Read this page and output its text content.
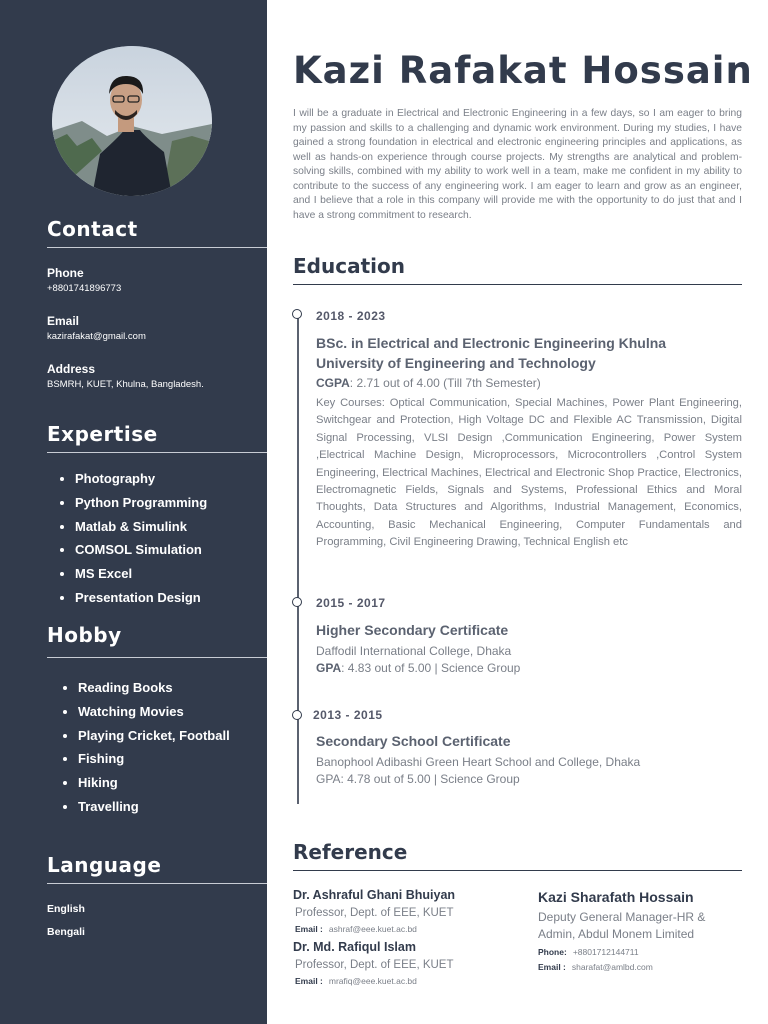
Contact
Phone
+8801741896773
Email
kazirafakat@gmail.com
Address
BSMRH, KUET, Khulna, Bangladesh.
Expertise
Photography
Python Programming
Matlab & Simulink
COMSOL Simulation
MS Excel
Presentation Design
Hobby
Reading Books
Watching Movies
Playing Cricket, Football
Fishing
Hiking
Travelling
Language
English
Bengali
Kazi Rafakat Hossain
I will be a graduate in Electrical and Electronic Engineering in a few days, so I am eager to bring my passion and skills to a challenging and dynamic work environment. During my studies, I have gained a strong foundation in electrical and electronic engineering principles and applications, as well as hands-on experience through course projects. My strengths are analytical and problem-solving skills, combined with my ability to work well in a team, make me confident in my ability to contribute to the success of any engineering work. I am eager to learn and grow as an engineer, and I believe that a role in this company will provide me with the opportunity to do just that and I have a strong commitment to research.
Education
2018 - 2023
BSc. in Electrical and Electronic Engineering Khulna
University of Engineering and Technology
CGPA: 2.71 out of 4.00 (Till 7th Semester)
Key Courses: Optical Communication, Special Machines, Power Plant Engineering, Switchgear and Protection, High Voltage DC and Flexible AC Transmission, Digital Signal Processing, VLSI Design ,Communication Engineering, Power System ,Electrical Machine Design, Microprocessors, Microcontrollers ,Control System Engineering, Electrical Machines, Electrical and Electronic Shop Practice, Electronics, Electromagnetic Fields, Signals and Systems, Professional Ethics and Moral Thoughts, Data Structures and Algorithms, Industrial Management, Economics, Accounting, Basic Mechanical Engineering, Computer Fundamentals and Programming, Civil Engineering Drawing, Technical English etc
2015 - 2017
Higher Secondary Certificate
Daffodil International College, Dhaka
GPA: 4.83 out of 5.00 | Science Group
2013 - 2015
Secondary School Certificate
Banophool Adibashi Green Heart School and College, Dhaka
GPA: 4.78 out of 5.00 | Science Group
Reference
Dr. Ashraful Ghani Bhuiyan
Professor, Dept. of EEE, KUET
Email : ashraf@eee.kuet.ac.bd
Dr. Md. Rafiqul Islam
Professor, Dept. of EEE, KUET
Email : mrafiq@eee.kuet.ac.bd
Kazi Sharafath Hossain
Deputy General Manager-HR &
Admin, Abdul Monem Limited
Phone: +8801712144711
Email : sharafat@amlbd.com
